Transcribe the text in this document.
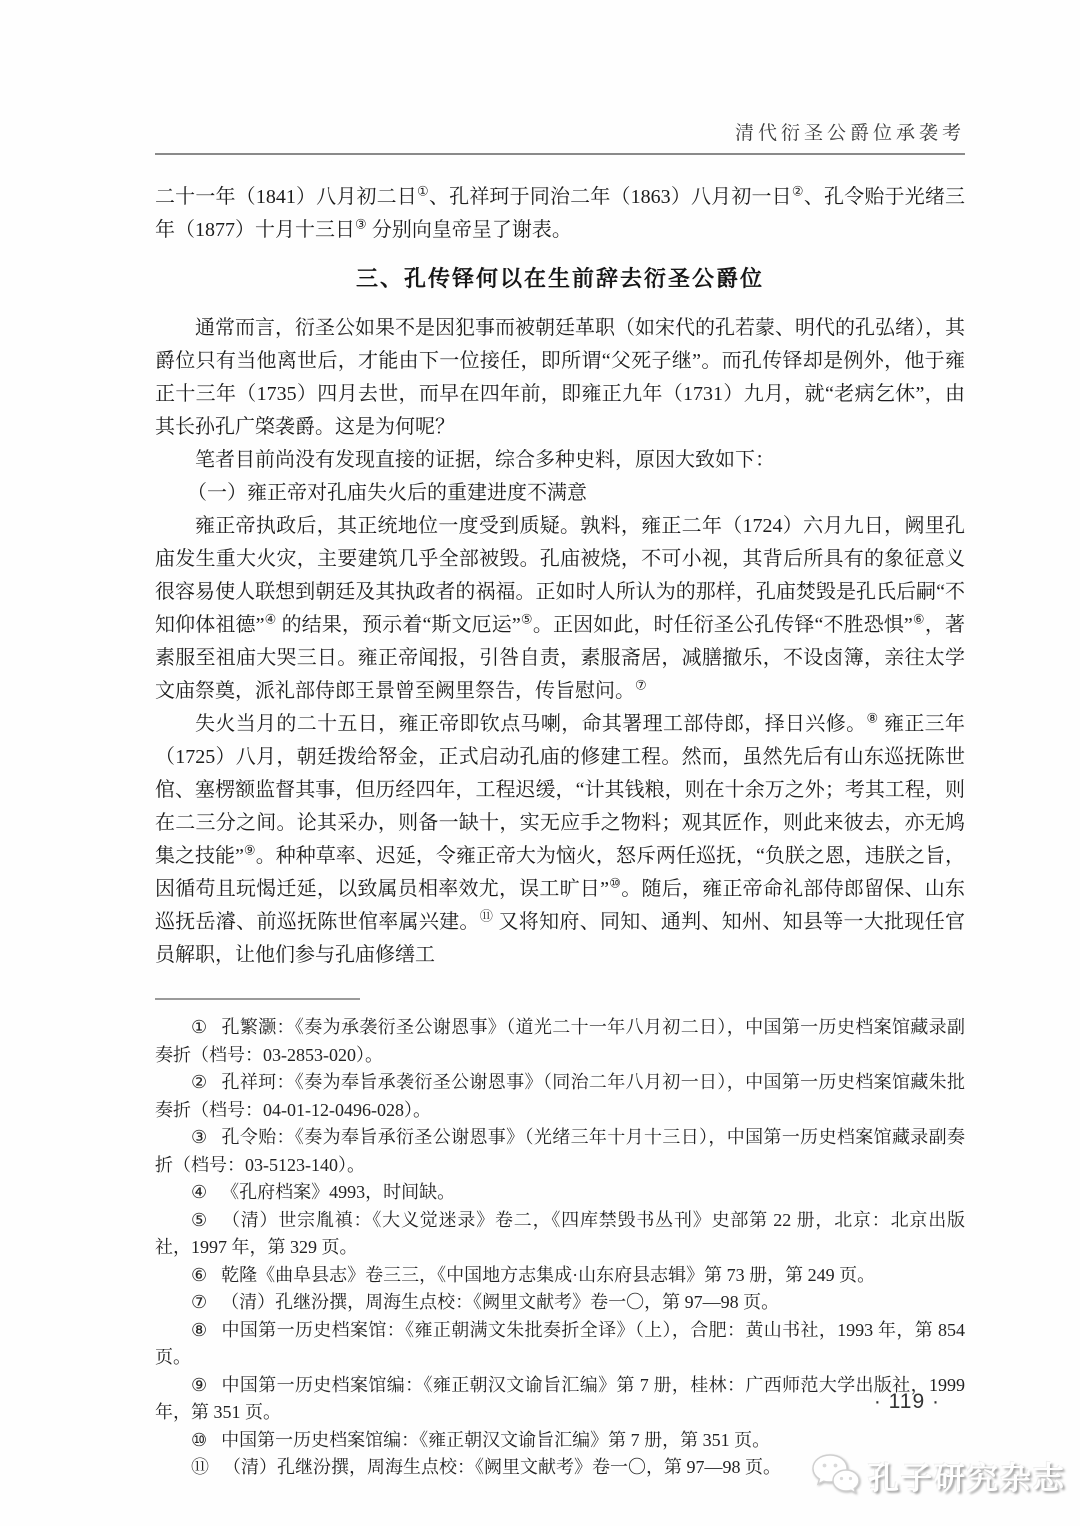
清代衍圣公爵位承袭考

二十一年（1841）八月初二日①、孔祥珂于同治二年（1863）八月初一日②、孔令贻于光绪三年（1877）十月十三日③ 分别向皇帝呈了谢表。

三、孔传铎何以在生前辞去衍圣公爵位

通常而言，衍圣公如果不是因犯事而被朝廷革职（如宋代的孔若蒙、明代的孔弘绪），其爵位只有当他离世后，才能由下一位接任，即所谓“父死子继”。而孔传铎却是例外，他于雍正十三年（1735）四月去世，而早在四年前，即雍正九年（1731）九月，就“老病乞休”，由其长孙孔广棨袭爵。这是为何呢？

笔者目前尚没有发现直接的证据，综合多种史料，原因大致如下：

（一）雍正帝对孔庙失火后的重建进度不满意

雍正帝执政后，其正统地位一度受到质疑。孰料，雍正二年（1724）六月九日，阙里孔庙发生重大火灾，主要建筑几乎全部被毁。孔庙被烧，不可小视，其背后所具有的象征意义很容易使人联想到朝廷及其执政者的祸福。正如时人所认为的那样，孔庙焚毁是孔氏后嗣“不知仰体祖德”④ 的结果，预示着“斯文厄运”⑤。正因如此，时任衍圣公孔传铎“不胜恐惧”⑥，著素服至祖庙大哭三日。雍正帝闻报，引咎自责，素服斋居，减膳撤乐，不设卤簿，亲往太学文庙祭奠，派礼部侍郎王景曾至阙里祭告，传旨慰问。⑦

失火当月的二十五日，雍正帝即钦点马喇，命其署理工部侍郎，择日兴修。⑧ 雍正三年（1725）八月，朝廷拨给帑金，正式启动孔庙的修建工程。然而，虽然先后有山东巡抚陈世倌、塞楞额监督其事，但历经四年，工程迟缓，“计其钱粮，则在十余万之外；考其工程，则在二三分之间。论其采办，则备一缺十，实无应手之物料；观其匠作，则此来彼去，亦无鸠集之技能”⑨。种种草率、迟延，令雍正帝大为恼火，怒斥两任巡抚，“负朕之恩，违朕之旨，因循苟且玩愒迁延，以致属员相率效尤，误工旷日”⑩。随后，雍正帝命礼部侍郎留保、山东巡抚岳濬、前巡抚陈世倌率属兴建。⑪ 又将知府、同知、通判、知州、知县等一大批现任官员解职，让他们参与孔庙修缮工

① 孔繁灏：《奏为承袭衍圣公谢恩事》（道光二十一年八月初二日），中国第一历史档案馆藏录副奏折（档号：03-2853-020）。

② 孔祥珂：《奏为奉旨承袭衍圣公谢恩事》（同治二年八月初一日），中国第一历史档案馆藏朱批奏折（档号：04-01-12-0496-028）。

③ 孔令贻：《奏为奉旨承衍圣公谢恩事》（光绪三年十月十三日），中国第一历史档案馆藏录副奏折（档号：03-5123-140）。

④ 《孔府档案》4993，时间缺。

⑤ （清）世宗胤禛：《大义觉迷录》卷二，《四库禁毁书丛刊》史部第 22 册，北京：北京出版社，1997 年，第 329 页。

⑥ 乾隆《曲阜县志》卷三三，《中国地方志集成·山东府县志辑》第 73 册，第 249 页。

⑦ （清）孔继汾撰，周海生点校：《阙里文献考》卷一〇，第 97—98 页。

⑧ 中国第一历史档案馆：《雍正朝满文朱批奏折全译》（上），合肥：黄山书社，1993 年，第 854 页。

⑨ 中国第一历史档案馆编：《雍正朝汉文谕旨汇编》第 7 册，桂林：广西师范大学出版社，1999 年，第 351 页。

⑩ 中国第一历史档案馆编：《雍正朝汉文谕旨汇编》第 7 册，第 351 页。

⑪ （清）孔继汾撰，周海生点校：《阙里文献考》卷一〇，第 97—98 页。

· 119 ·
孔子研究杂志
